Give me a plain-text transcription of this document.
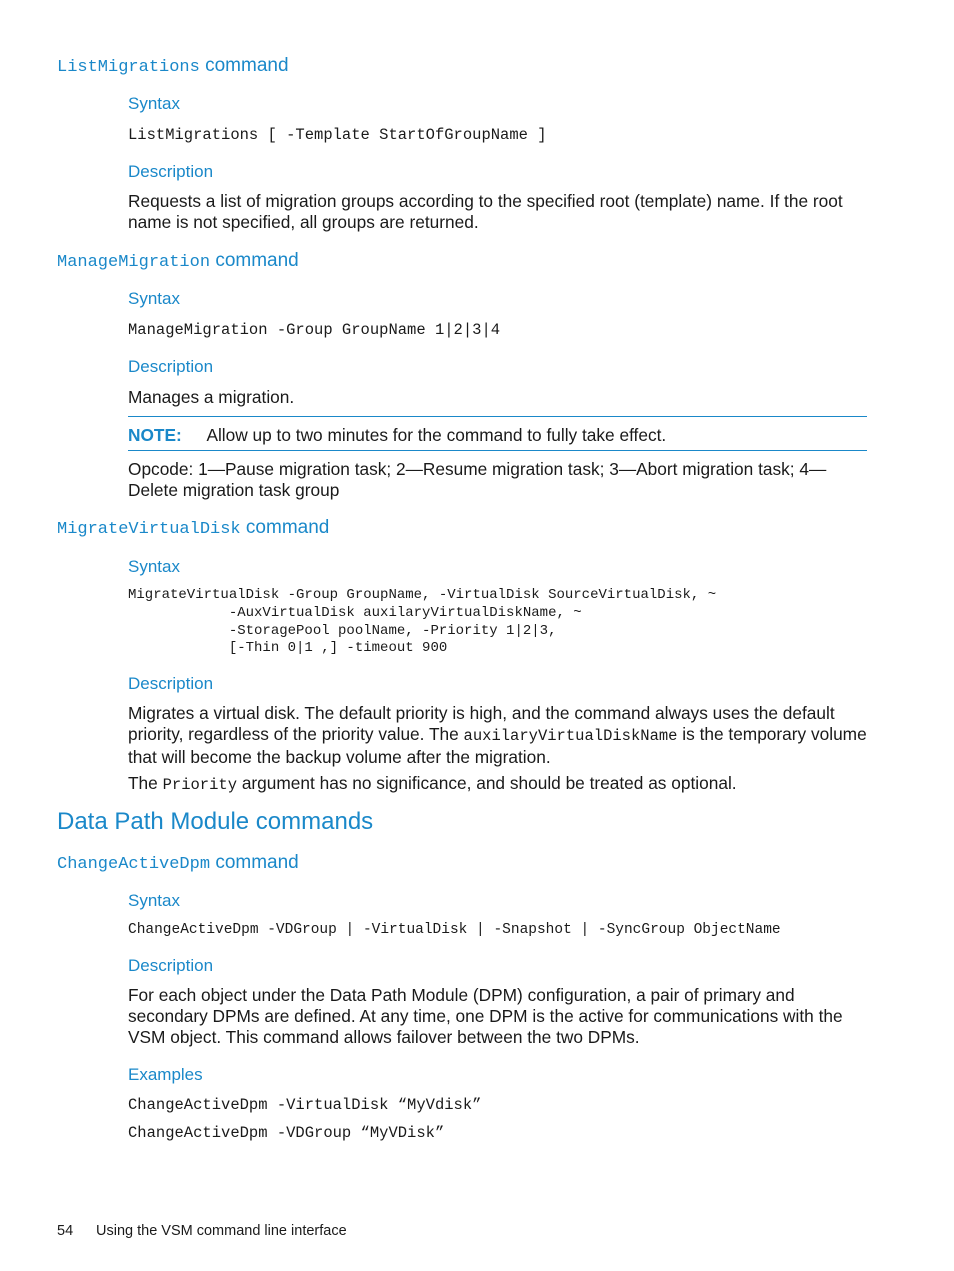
ListMigrations command
Syntax
ListMigrations [ -Template StartOfGroupName ]
Description
Requests a list of migration groups according to the specified root (template) name. If the root name is not specified, all groups are returned.
ManageMigration command
Syntax
ManageMigration -Group GroupName 1|2|3|4
Description
Manages a migration.
NOTE: Allow up to two minutes for the command to fully take effect.
Opcode: 1—Pause migration task; 2—Resume migration task; 3—Abort migration task; 4—Delete migration task group
MigrateVirtualDisk command
Syntax
MigrateVirtualDisk -Group GroupName, -VirtualDisk SourceVirtualDisk, ~
-AuxVirtualDisk auxilaryVirtualDiskName, ~
-StoragePool poolName, -Priority 1|2|3,
[-Thin 0|1 ,] -timeout 900
Description
Migrates a virtual disk. The default priority is high, and the command always uses the default priority, regardless of the priority value. The auxilaryVirtualDiskName is the temporary volume that will become the backup volume after the migration.
The Priority argument has no significance, and should be treated as optional.
Data Path Module commands
ChangeActiveDpm command
Syntax
ChangeActiveDpm -VDGroup | -VirtualDisk | -Snapshot | -SyncGroup ObjectName
Description
For each object under the Data Path Module (DPM) configuration, a pair of primary and secondary DPMs are defined. At any time, one DPM is the active for communications with the VSM object. This command allows failover between the two DPMs.
Examples
ChangeActiveDpm -VirtualDisk “MyVdisk”
ChangeActiveDpm -VDGroup “MyVDisk”
54 Using the VSM command line interface
